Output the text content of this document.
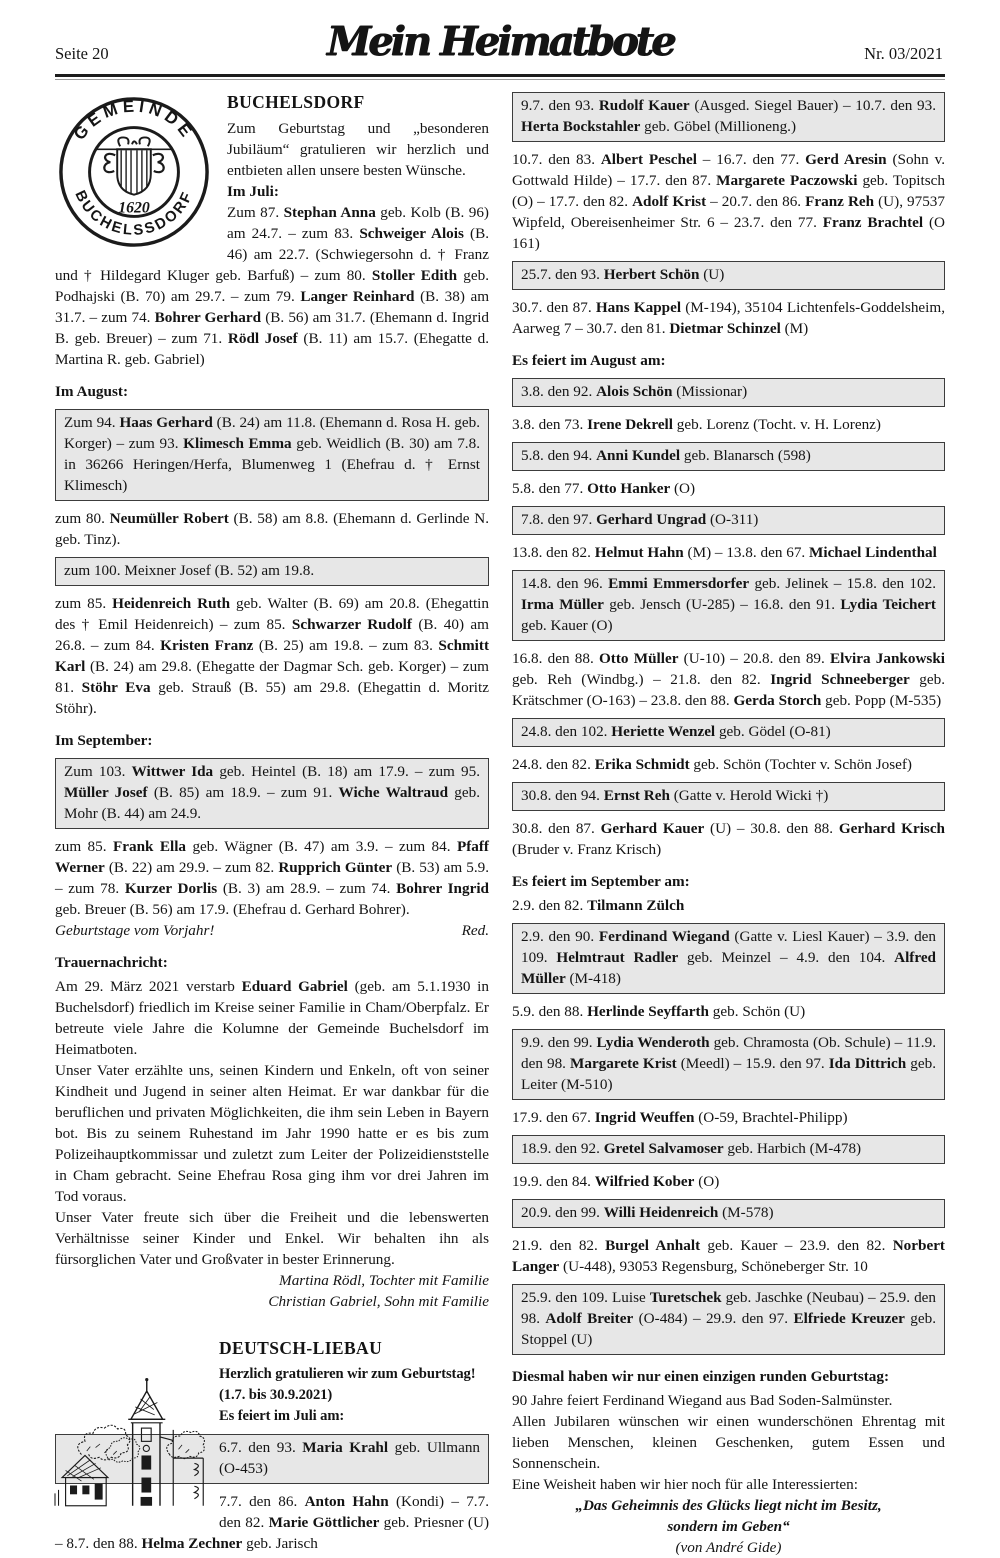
Seite 20	Mein Heimatbote	Nr. 03/2021
GEMEINDE
BUCHELSSDORF
1620
BUCHELSDORF
Zum Geburtstag und „besonderen Jubiläum“ gratulieren wir herzlich und entbieten allen unsere besten Wünsche.
Im Juli:
Zum 87. Stephan Anna geb. Kolb (B. 96) am 24.7. – zum 83. Schweiger Alois (B. 46) am 22.7. (Schwiegersohn d. † Franz und † Hildegard Kluger geb. Barfuß) – zum 80. Stoller Edith geb. Podhajski (B. 70) am 29.7. – zum 79. Langer Reinhard (B. 38) am 31.7. – zum 74. Bohrer Gerhard (B. 56) am 31.7. (Ehemann d. Ingrid B. geb. Breuer) – zum 71. Rödl Josef (B. 11) am 15.7. (Ehegatte d. Martina R. geb. Gabriel)
Im August:
Zum 94. Haas Gerhard (B. 24) am 11.8. (Ehemann d. Rosa H. geb. Korger) – zum 93. Klimesch Emma geb. Weidlich (B. 30) am 7.8. in 36266 Heringen/Herfa, Blumenweg 1 (Ehefrau d. † Ernst Klimesch)
zum 80. Neumüller Robert (B. 58) am 8.8. (Ehemann d. Gerlinde N. geb. Tinz).
zum 100. Meixner Josef (B. 52) am 19.8.
zum 85. Heidenreich Ruth geb. Walter (B. 69) am 20.8. (Ehegattin des † Emil Heidenreich) – zum 85. Schwarzer Rudolf (B. 40) am 26.8. – zum 84. Kristen Franz (B. 25) am 19.8. – zum 83. Schmitt Karl (B. 24) am 29.8. (Ehegatte der Dagmar Sch. geb. Korger) – zum 81. Stöhr Eva geb. Strauß (B. 55) am 29.8. (Ehegattin d. Moritz Stöhr).
Im September:
Zum 103. Wittwer Ida geb. Heintel (B. 18) am 17.9. – zum 95. Müller Josef (B. 85) am 18.9. – zum 91. Wiche Waltraud geb. Mohr (B. 44) am 24.9.
zum 85. Frank Ella geb. Wägner (B. 47) am 3.9. – zum 84. Pfaff Werner (B. 22) am 29.9. – zum 82. Rupprich Günter (B. 53) am 5.9. – zum 78. Kurzer Dorlis (B. 3) am 28.9. – zum 74. Bohrer Ingrid geb. Breuer (B. 56) am 17.9. (Ehefrau d. Gerhard Bohrer).
Geburtstage vom Vorjahr!	Red.
Trauernachricht:
Am 29. März 2021 verstarb Eduard Gabriel (geb. am 5.1.1930 in Buchelsdorf) friedlich im Kreise seiner Familie in Cham/Oberpfalz. Er betreute viele Jahre die Kolumne der Gemeinde Buchelsdorf im Heimatboten.
Unser Vater erzählte uns, seinen Kindern und Enkeln, oft von seiner Kindheit und Jugend in seiner alten Heimat. Er war dankbar für die beruflichen und privaten Möglichkeiten, die ihm sein Leben in Bayern bot. Bis zu seinem Ruhestand im Jahr 1990 hatte er es bis zum Polizeihauptkommissar und zuletzt zum Leiter der Polizeidienststelle in Cham gebracht. Seine Ehefrau Rosa ging ihm vor drei Jahren im Tod voraus.
Unser Vater freute sich über die Freiheit und die lebenswerten Verhältnisse seiner Kinder und Enkel. Wir behalten ihn als fürsorglichen Vater und Großvater in bester Erinnerung.
Martina Rödl, Tochter mit Familie
Christian Gabriel, Sohn mit Familie
DEUTSCH-LIEBAU
Herzlich gratulieren wir zum Geburtstag!
(1.7. bis 30.9.2021)
Es feiert im Juli am:
6.7. den 93. Maria Krahl geb. Ullmann (O-453)
7.7. den 86. Anton Hahn (Kondi) – 7.7. den 82. Marie Göttlicher geb. Priesner (U) – 8.7. den 88. Helma Zechner geb. Jarisch
9.7. den 93. Rudolf Kauer (Ausged. Siegel Bauer) – 10.7. den 93. Herta Bockstahler geb. Göbel (Millioneng.)
10.7. den 83. Albert Peschel – 16.7. den 77. Gerd Aresin (Sohn v. Gottwald Hilde) – 17.7. den 87. Margarete Paczowski geb. Topitsch (O) – 17.7. den 82. Adolf Krist – 20.7. den 86. Franz Reh (U), 97537 Wipfeld, Obereisenheimer Str. 6 – 23.7. den 77. Franz Brachtel (O 161)
25.7. den 93. Herbert Schön (U)
30.7. den 87. Hans Kappel (M-194), 35104 Lichtenfels-Goddelsheim, Aarweg 7 – 30.7. den 81. Dietmar Schinzel (M)
Es feiert im August am:
3.8. den 92. Alois Schön (Missionar)
3.8. den 73. Irene Dekrell geb. Lorenz (Tocht. v. H. Lorenz)
5.8. den 94. Anni Kundel geb. Blanarsch (598)
5.8. den 77. Otto Hanker (O)
7.8. den 97. Gerhard Ungrad (O-311)
13.8. den 82. Helmut Hahn (M) – 13.8. den 67. Michael Lindenthal
14.8. den 96. Emmi Emmersdorfer geb. Jelinek – 15.8. den 102. Irma Müller geb. Jensch (U-285) – 16.8. den 91. Lydia Teichert geb. Kauer (O)
16.8. den 88. Otto Müller (U-10) – 20.8. den 89. Elvira Jankowski geb. Reh (Windbg.) – 21.8. den 82. Ingrid Schneeberger geb. Krätschmer (O-163) – 23.8. den 88. Gerda Storch geb. Popp (M-535)
24.8. den 102. Heriette Wenzel geb. Gödel (O-81)
24.8. den 82. Erika Schmidt geb. Schön (Tochter v. Schön Josef)
30.8. den 94. Ernst Reh (Gatte v. Herold Wicki †)
30.8. den 87. Gerhard Kauer (U) – 30.8. den 88. Gerhard Krisch (Bruder v. Franz Krisch)
Es feiert im September am:
2.9. den 82. Tilmann Zülch
2.9. den 90. Ferdinand Wiegand (Gatte v. Liesl Kauer) – 3.9. den 109. Helmtraut Radler geb. Meinzel – 4.9. den 104. Alfred Müller (M-418)
5.9. den 88. Herlinde Seyffarth geb. Schön (U)
9.9. den 99. Lydia Wenderoth geb. Chramosta (Ob. Schule) – 11.9. den 98. Margarete Krist (Meedl) – 15.9. den 97. Ida Dittrich geb. Leiter (M-510)
17.9. den 67. Ingrid Weuffen (O-59, Brachtel-Philipp)
18.9. den 92. Gretel Salvamoser geb. Harbich (M-478)
19.9. den 84. Wilfried Kober (O)
20.9. den 99. Willi Heidenreich (M-578)
21.9. den 82. Burgel Anhalt geb. Kauer – 23.9. den 82. Norbert Langer (U-448), 93053 Regensburg, Schöneberger Str. 10
25.9. den 109. Luise Turetschek geb. Jaschke (Neubau) – 25.9. den 98. Adolf Breiter (O-484) – 29.9. den 97. Elfriede Kreuzer geb. Stoppel (U)
Diesmal haben wir nur einen einzigen runden Geburtstag:
90 Jahre feiert Ferdinand Wiegand aus Bad Soden-Salmünster.
Allen Jubilaren wünschen wir einen wunderschönen Ehrentag mit lieben Menschen, kleinen Geschenken, gutem Essen und Sonnenschein.
Eine Weisheit haben wir hier noch für alle Interessierten:
„Das Geheimnis des Glücks liegt nicht im Besitz,
sondern im Geben“
(von André Gide)
